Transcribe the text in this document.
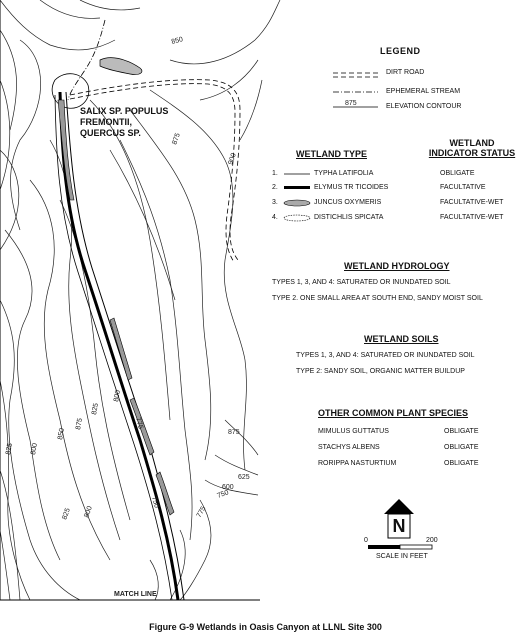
850
875
900
875
625
600
775
750
825 800
850
875
825
800
750
775
825 800
MATCH LINE
875
SALIX SP. POPULUS
FREMONTII,
QUERCUS SP.
LEGEND
DIRT ROAD
EPHEMERAL STREAM
ELEVATION CONTOUR
WETLAND TYPE
WETLAND
INDICATOR STATUS
1.	TYPHA LATIFOLIA	OBLIGATE
2.	ELYMUS TR TICOIDES	FACULTATIVE
3.	JUNCUS OXYMERIS	FACULTATIVE-WET
4.	DISTICHLIS SPICATA	FACULTATIVE-WET
WETLAND HYDROLOGY
TYPES 1, 3, AND 4: SATURATED OR INUNDATED SOIL
TYPE 2. ONE SMALL AREA AT SOUTH END, SANDY MOIST SOIL
WETLAND SOILS
TYPES 1, 3, AND 4: SATURATED OR INUNDATED SOIL
TYPE 2: SANDY SOIL, ORGANIC MATTER BUILDUP
OTHER COMMON PLANT SPECIES
MIMULUS GUTTATUS	OBLIGATE
STACHYS ALBENS	OBLIGATE
RORIPPA NASTURTIUM	OBLIGATE
N
0	200
SCALE IN FEET
Figure G-9 Wetlands in Oasis Canyon at LLNL Site 300
